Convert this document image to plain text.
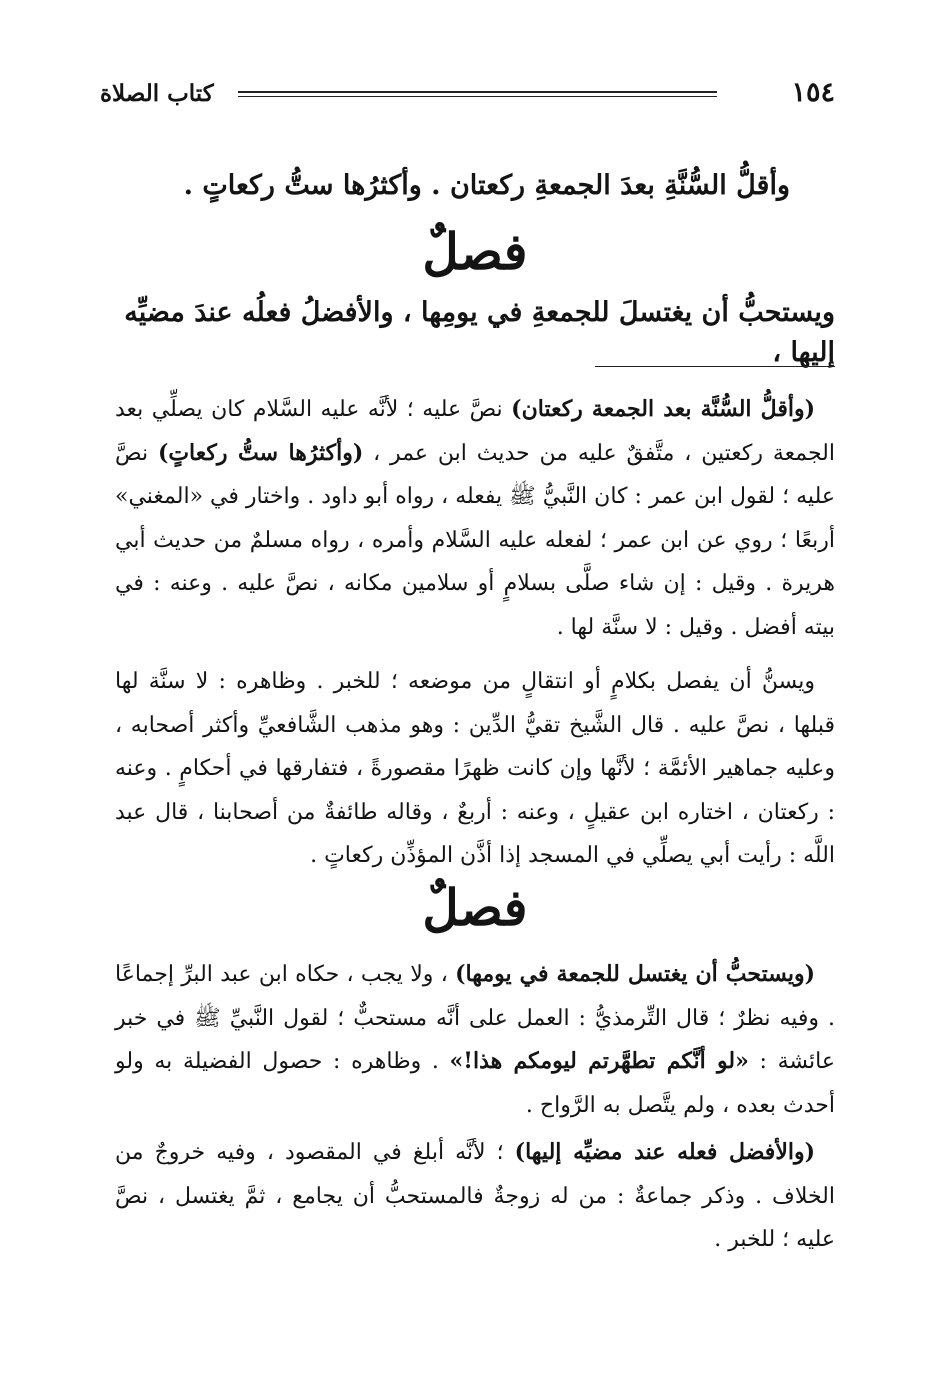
١٥٤
كتاب الصلاة
وأقلُّ السُّنَّةِ بعدَ الجمعةِ ركعتان . وأكثرُها ستُّ ركعاتٍ .
فصلٌ
ويستحبُّ أن يغتسلَ للجمعةِ في يومِها ، والأفضلُ فعلُه عندَ مضيِّه إليها ،

(وأقلُّ السُّنَّة بعد الجمعة ركعتان) نصَّ عليه ؛ لأنَّه عليه السَّلام كان يصلِّي بعد الجمعة ركعتين ، متَّفقٌ عليه من حديث ابن عمر ، (وأكثرُها ستُّ ركعاتٍ) نصَّ عليه ؛ لقول ابن عمر : كان النَّبيُّ ﷺ يفعله ، رواه أبو داود . واختار في «المغني» أربعًا ؛ روي عن ابن عمر ؛ لفعله عليه السَّلام وأمره ، رواه مسلمٌ من حديث أبي هريرة . وقيل : إن شاء صلَّى بسلامٍ أو سلامين مكانه ، نصَّ عليه . وعنه : في بيته أفضل . وقيل : لا سنَّة لها .

ويسنُّ أن يفصل بكلامٍ أو انتقالٍ من موضعه ؛ للخبر . وظاهره : لا سنَّة لها قبلها ، نصَّ عليه . قال الشَّيخ تقيُّ الدِّين : وهو مذهب الشَّافعيِّ وأكثر أصحابه ، وعليه جماهير الأئمَّة ؛ لأنَّها وإن كانت ظهرًا مقصورةً ، فتفارقها في أحكامٍ . وعنه : ركعتان ، اختاره ابن عقيلٍ ، وعنه : أربعٌ ، وقاله طائفةٌ من أصحابنا ، قال عبد اللَّه : رأيت أبي يصلِّي في المسجد إذا أذَّن المؤذِّن ركعاتٍ .

فصلٌ

(ويستحبُّ أن يغتسل للجمعة في يومها) ، ولا يجب ، حكاه ابن عبد البرِّ إجماعًا . وفيه نظرٌ ؛ قال التِّرمذيُّ : العمل على أنَّه مستحبٌّ ؛ لقول النَّبيِّ ﷺ في خبر عائشة : «لو أنَّكم تطهَّرتم ليومكم هذا!» . وظاهره : حصول الفضيلة به ولو أحدث بعده ، ولم يتَّصل به الرَّواح .

(والأفضل فعله عند مضيِّه إليها) ؛ لأنَّه أبلغ في المقصود ، وفيه خروجٌ من الخلاف . وذكر جماعةٌ : من له زوجةٌ فالمستحبُّ أن يجامع ، ثمَّ يغتسل ، نصَّ عليه ؛ للخبر .
